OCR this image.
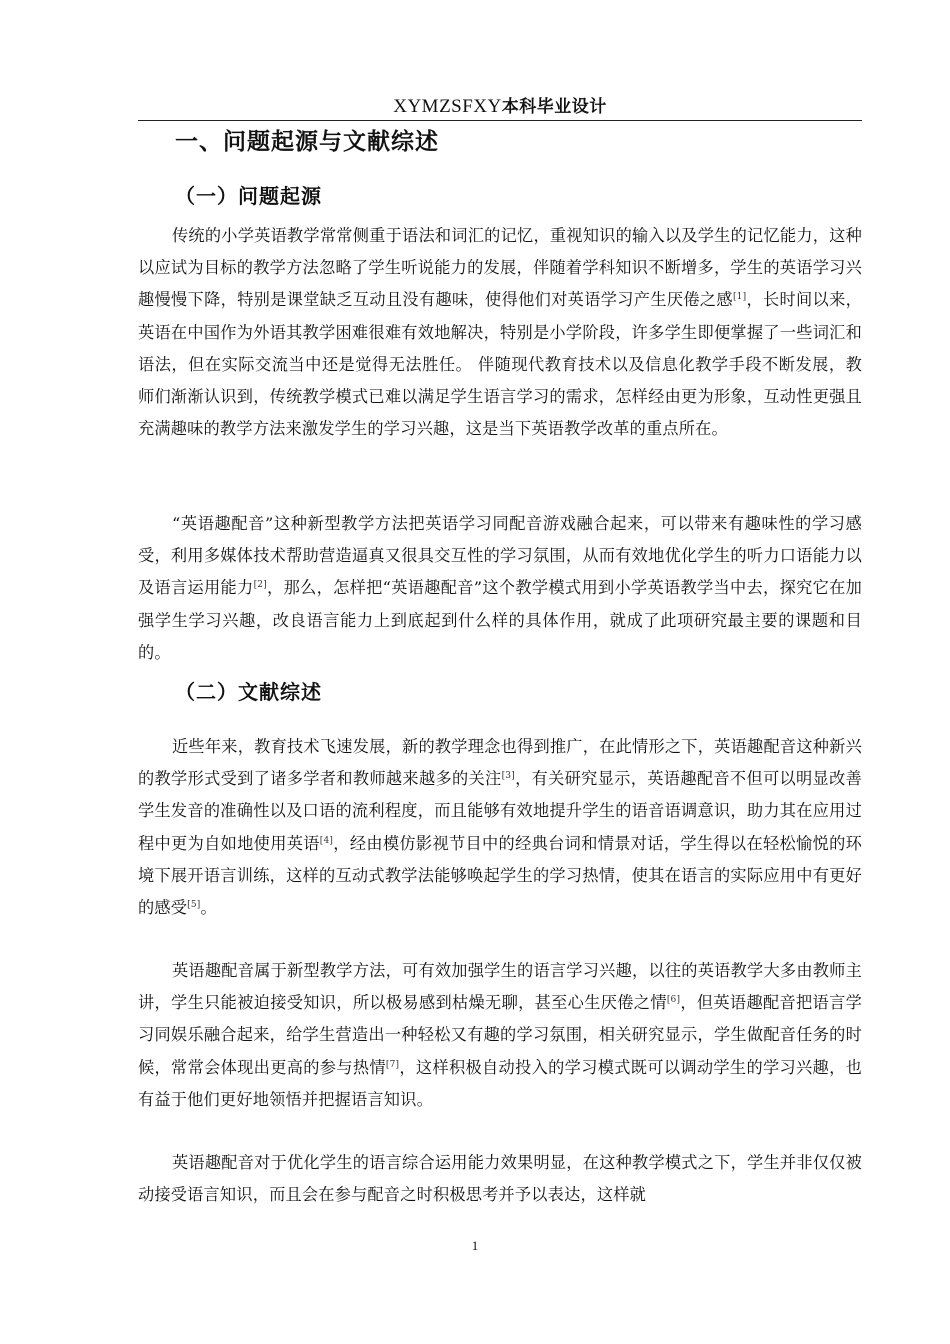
XYMZSFXY本科毕业设计
一、问题起源与文献综述
（一）问题起源
传统的小学英语教学常常侧重于语法和词汇的记忆，重视知识的输入以及学生的记忆能力，这种以应试为目标的教学方法忽略了学生听说能力的发展，伴随着学科知识不断增多，学生的英语学习兴趣慢慢下降，特别是课堂缺乏互动且没有趣味，使得他们对英语学习产生厌倦之感[1]，长时间以来，英语在中国作为外语其教学困难很难有效地解决，特别是小学阶段，许多学生即便掌握了一些词汇和语法，但在实际交流当中还是觉得无法胜任。 伴随现代教育技术以及信息化教学手段不断发展，教师们渐渐认识到，传统教学模式已难以满足学生语言学习的需求，怎样经由更为形象，互动性更强且充满趣味的教学方法来激发学生的学习兴趣，这是当下英语教学改革的重点所在。
“英语趣配音”这种新型教学方法把英语学习同配音游戏融合起来，可以带来有趣味性的学习感受，利用多媒体技术帮助营造逼真又很具交互性的学习氛围，从而有效地优化学生的听力口语能力以及语言运用能力[2]，那么，怎样把“英语趣配音”这个教学模式用到小学英语教学当中去，探究它在加强学生学习兴趣，改良语言能力上到底起到什么样的具体作用，就成了此项研究最主要的课题和目的。
（二）文献综述
近些年来，教育技术飞速发展，新的教学理念也得到推广，在此情形之下，英语趣配音这种新兴的教学形式受到了诸多学者和教师越来越多的关注[3]，有关研究显示，英语趣配音不但可以明显改善学生发音的准确性以及口语的流利程度，而且能够有效地提升学生的语音语调意识，助力其在应用过程中更为自如地使用英语[4]，经由模仿影视节目中的经典台词和情景对话，学生得以在轻松愉悦的环境下展开语言训练，这样的互动式教学法能够唤起学生的学习热情，使其在语言的实际应用中有更好的感受[5]。
英语趣配音属于新型教学方法，可有效加强学生的语言学习兴趣，以往的英语教学大多由教师主讲，学生只能被迫接受知识，所以极易感到枯燥无聊，甚至心生厌倦之情[6]，但英语趣配音把语言学习同娱乐融合起来，给学生营造出一种轻松又有趣的学习氛围，相关研究显示，学生做配音任务的时候，常常会体现出更高的参与热情[7]，这样积极自动投入的学习模式既可以调动学生的学习兴趣，也有益于他们更好地领悟并把握语言知识。
英语趣配音对于优化学生的语言综合运用能力效果明显，在这种教学模式之下，学生并非仅仅被动接受语言知识，而且会在参与配音之时积极思考并予以表达，这样就
1
